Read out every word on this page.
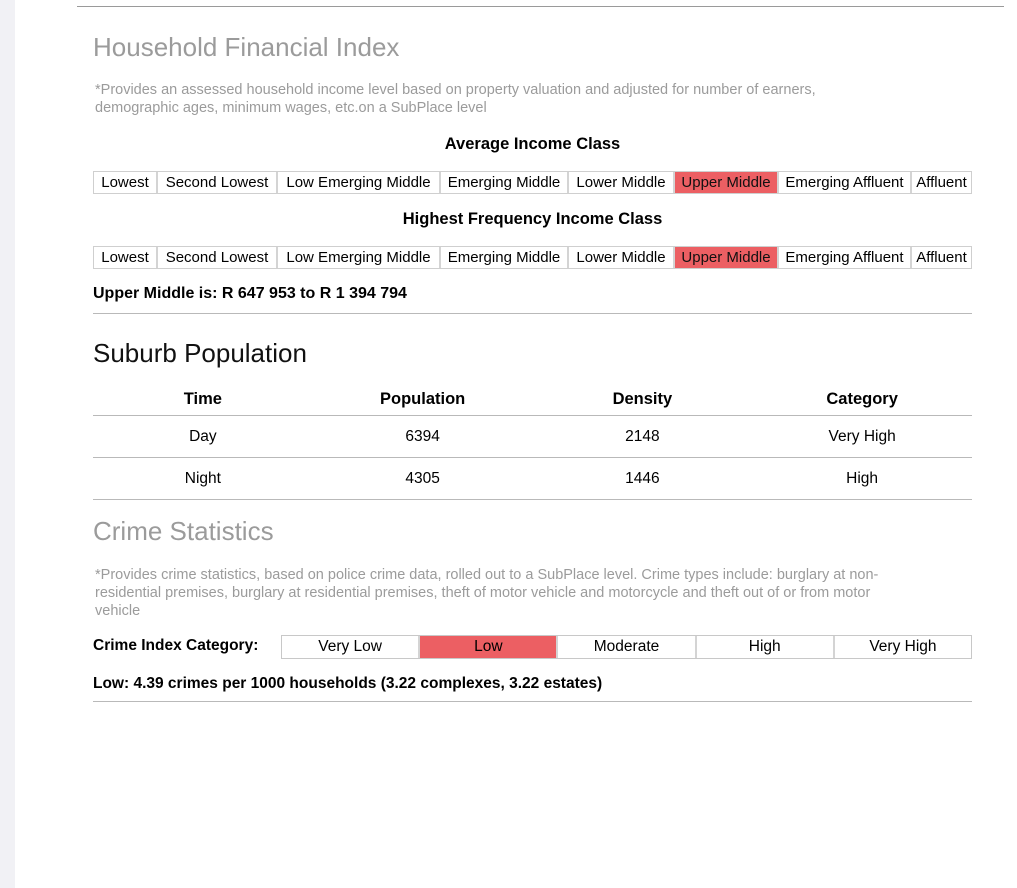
Household Financial Index
*Provides an assessed household income level based on property valuation and adjusted for number of earners,
demographic ages, minimum wages, etc.on a SubPlace level
Average Income Class
Lowest	Second Lowest	Low Emerging Middle	Emerging Middle	Lower Middle	Upper Middle Emerging Affluent Affluent
Highest Frequency Income Class
Lowest	Second Lowest	Low Emerging Middle	Emerging Middle	Lower Middle	Upper Middle Emerging Affluent Affluent
Upper Middle is: R 647 953 to R 1 394 794
Suburb Population
Time	Population	Density	Category
Day	6394	2148	Very High
Night	4305	1446	High
Crime Statistics
*Provides crime statistics, based on police crime data, rolled out to a SubPlace level. Crime types include: burglary at non-
residential premises, burglary at residential premises, theft of motor vehicle and motorcycle and theft out of or from motor
vehicle
Crime Index Category:	Very Low	Low	Moderate	High	Very High
Low: 4.39 crimes per 1000 households (3.22 complexes, 3.22 estates)
